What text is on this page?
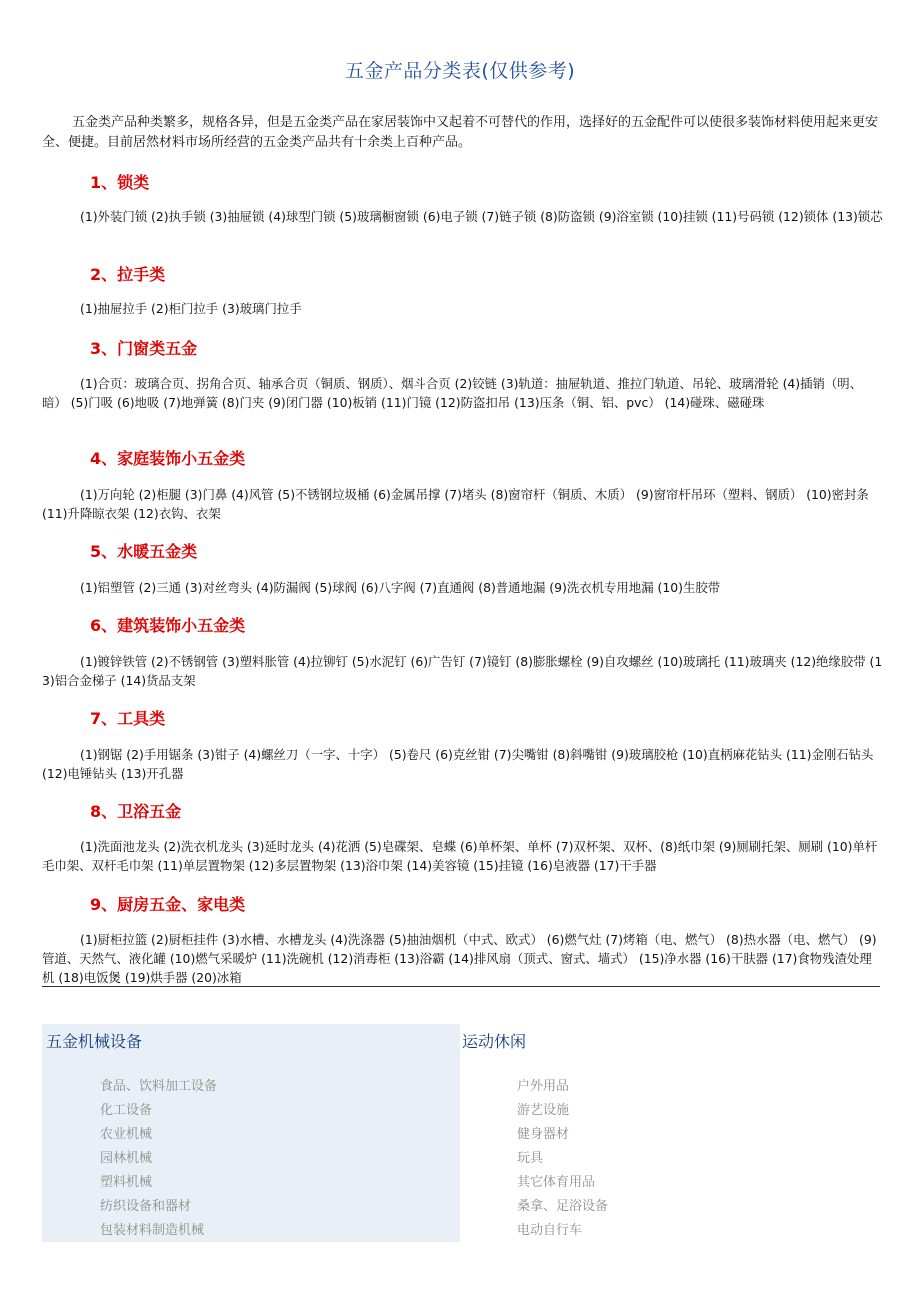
五金产品分类表(仅供参考)
五金类产品种类繁多，规格各异，但是五金类产品在家居装饰中又起着不可替代的作用，选择好的五金配件可以使很多装饰材料使用起来更安全、便捷。目前居然材料市场所经营的五金类产品共有十余类上百种产品。
1、锁类
(1)外装门锁 (2)执手锁 (3)抽屉锁 (4)球型门锁 (5)玻璃橱窗锁 (6)电子锁 (7)链子锁 (8)防盗锁 (9)浴室锁 (10)挂锁 (11)号码锁 (12)锁体 (13)锁芯
2、拉手类
(1)抽屉拉手 (2)柜门拉手 (3)玻璃门拉手
3、门窗类五金
(1)合页：玻璃合页、拐角合页、轴承合页（铜质、钢质）、烟斗合页 (2)铰链 (3)轨道：抽屉轨道、推拉门轨道、吊轮、玻璃滑轮 (4)插销（明、暗） (5)门吸 (6)地吸 (7)地弹簧 (8)门夹 (9)闭门器 (10)板销 (11)门镜 (12)防盗扣吊 (13)压条（铜、铝、pvc） (14)碰珠、磁碰珠
4、家庭装饰小五金类
(1)万向轮 (2)柜腿 (3)门鼻 (4)风管 (5)不锈钢垃圾桶 (6)金属吊撑 (7)堵头 (8)窗帘杆（铜质、木质） (9)窗帘杆吊环（塑料、钢质） (10)密封条 (11)升降晾衣架 (12)衣钩、衣架
5、水暖五金类
(1)铝塑管 (2)三通 (3)对丝弯头 (4)防漏阀 (5)球阀 (6)八字阀 (7)直通阀 (8)普通地漏 (9)洗衣机专用地漏 (10)生胶带
6、建筑装饰小五金类
(1)镀锌铁管 (2)不锈钢管 (3)塑料胀管 (4)拉铆钉 (5)水泥钉 (6)广告钉 (7)镜钉 (8)膨胀螺栓 (9)自攻螺丝 (10)玻璃托 (11)玻璃夹 (12)绝缘胶带 (13)铝合金梯子 (14)货品支架
7、工具类
(1)钢锯 (2)手用锯条 (3)钳子 (4)螺丝刀（一字、十字） (5)卷尺 (6)克丝钳 (7)尖嘴钳 (8)斜嘴钳 (9)玻璃胶枪 (10)直柄麻花钻头 (11)金刚石钻头 (12)电锤钻头 (13)开孔器
8、卫浴五金
(1)洗面池龙头 (2)洗衣机龙头 (3)延时龙头 (4)花洒 (5)皂碟架、皂蝶 (6)单杯架、单杯 (7)双杯架、双杯、(8)纸巾架 (9)厕刷托架、厕刷 (10)单杆毛巾架、双杆毛巾架 (11)单层置物架 (12)多层置物架 (13)浴巾架 (14)美容镜 (15)挂镜 (16)皂液器 (17)干手器
9、厨房五金、家电类
(1)厨柜拉篮 (2)厨柜挂件 (3)水槽、水槽龙头 (4)洗涤器 (5)抽油烟机（中式、欧式） (6)燃气灶 (7)烤箱（电、燃气） (8)热水器（电、燃气） (9)管道、天然气、液化罐 (10)燃气采暖炉 (11)洗碗机 (12)消毒柜 (13)浴霸 (14)排风扇（顶式、窗式、墙式） (15)净水器 (16)干肤器 (17)食物残渣处理机 (18)电饭煲 (19)烘手器 (20)冰箱
五金机械设备
食品、饮料加工设备
化工设备
农业机械
园林机械
塑料机械
纺织设备和器材
包装材料制造机械
运动休闲
户外用品
游艺设施
健身器材
玩具
其它体育用品
桑拿、足浴设备
电动自行车
